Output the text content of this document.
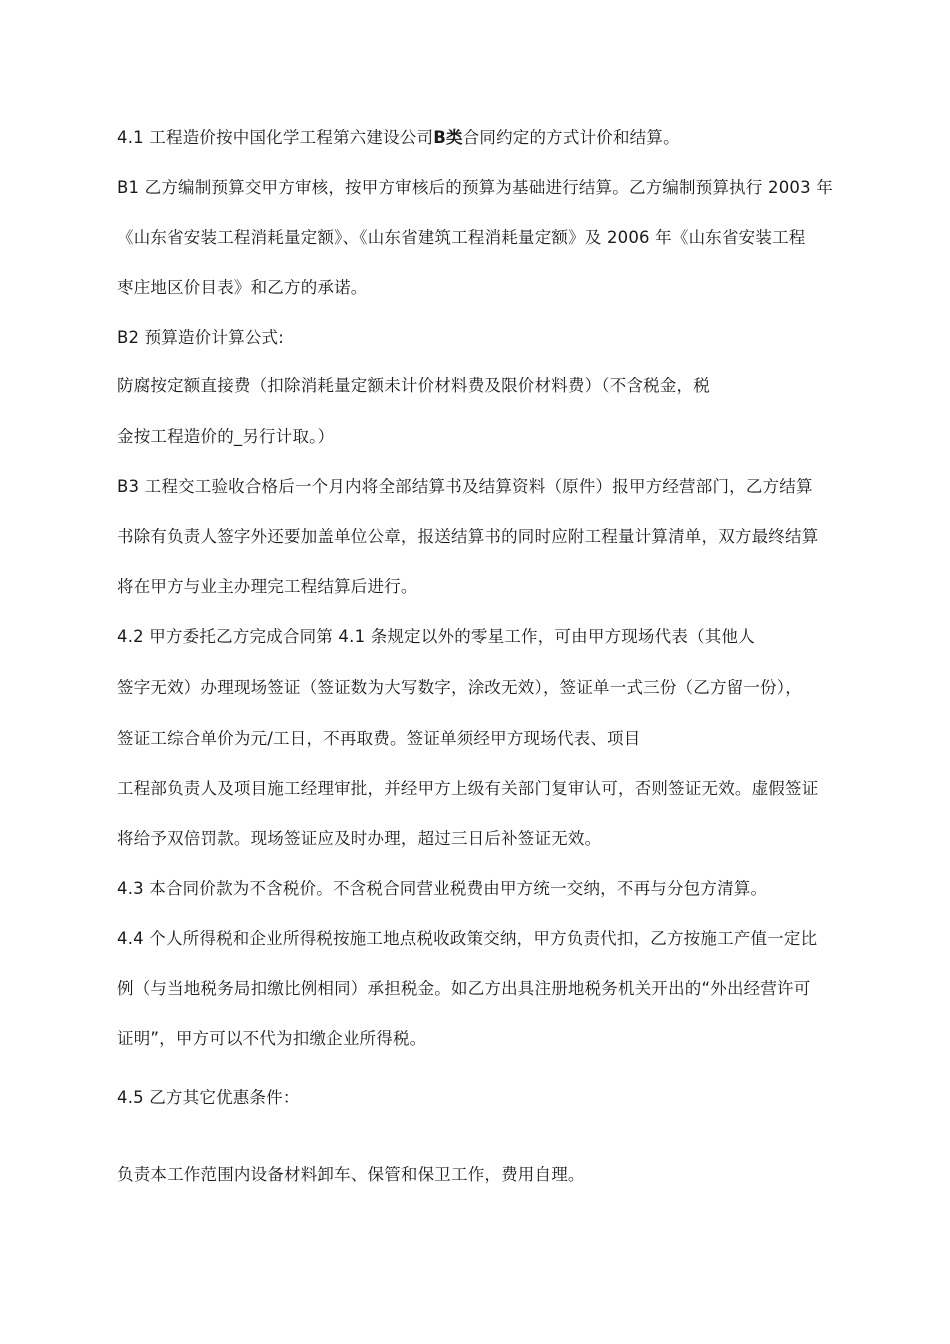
4.1 工程造价按中国化学工程第六建设公司B类合同约定的方式计价和结算。
B1 乙方编制预算交甲方审核，按甲方审核后的预算为基础进行结算。乙方编制预算执行 2003 年
《山东省安装工程消耗量定额》、《山东省建筑工程消耗量定额》及 2006 年《山东省安装工程
枣庄地区价目表》和乙方的承诺。
B2 预算造价计算公式:
防腐按定额直接费（扣除消耗量定额未计价材料费及限价材料费）（不含税金，税
金按工程造价的_另行计取。）
B3 工程交工验收合格后一个月内将全部结算书及结算资料（原件）报甲方经营部门，乙方结算
书除有负责人签字外还要加盖单位公章，报送结算书的同时应附工程量计算清单，双方最终结算
将在甲方与业主办理完工程结算后进行。
4.2 甲方委托乙方完成合同第 4.1 条规定以外的零星工作，可由甲方现场代表（其他人
签字无效）办理现场签证（签证数为大写数字，涂改无效），签证单一式三份（乙方留一份），
签证工综合单价为元/工日，不再取费。签证单须经甲方现场代表、项目
工程部负责人及项目施工经理审批，并经甲方上级有关部门复审认可，否则签证无效。虚假签证
将给予双倍罚款。现场签证应及时办理，超过三日后补签证无效。
4.3 本合同价款为不含税价。不含税合同营业税费由甲方统一交纳，不再与分包方清算。
4.4 个人所得税和企业所得税按施工地点税收政策交纳，甲方负责代扣，乙方按施工产值一定比
例（与当地税务局扣缴比例相同）承担税金。如乙方出具注册地税务机关开出的“外出经营许可
证明”，甲方可以不代为扣缴企业所得税。
4.5 乙方其它优惠条件：
负责本工作范围内设备材料卸车、保管和保卫工作，费用自理。
